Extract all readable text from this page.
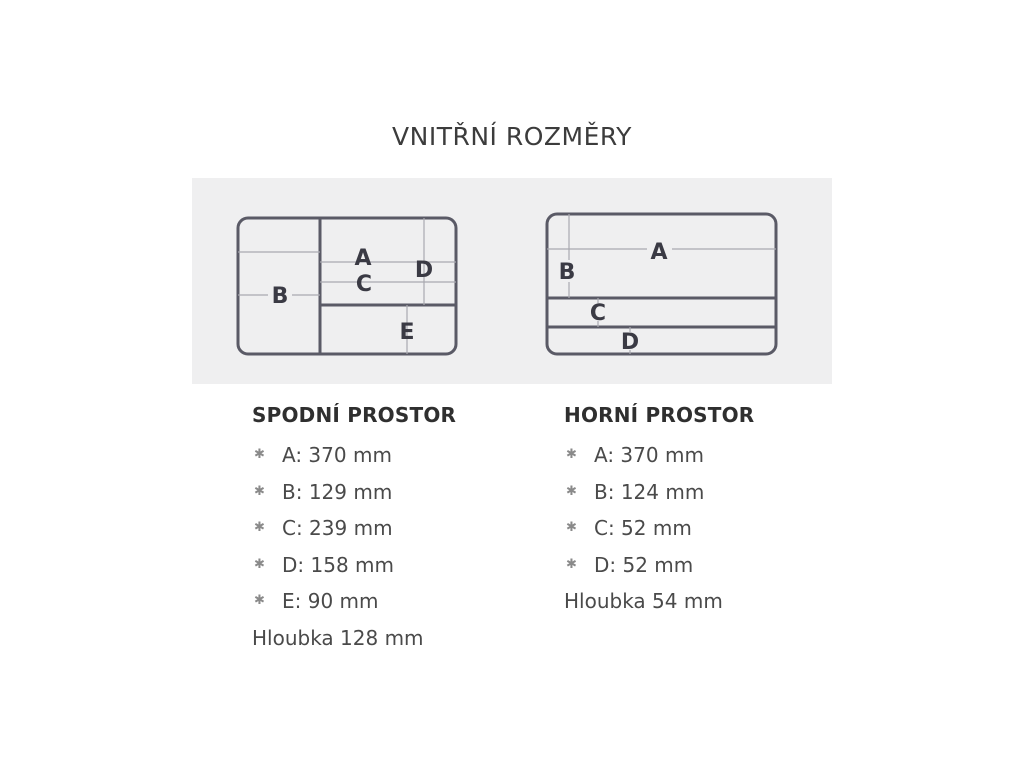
VNITŘNÍ ROZMĚRY
A
C
D
B
E
A
B
C
D
SPODNÍ PROSTOR
✱ A: 370 mm
✱ B: 129 mm
✱ C: 239 mm
✱ D: 158 mm
✱ E: 90 mm
Hloubka 128 mm
HORNÍ PROSTOR
✱ A: 370 mm
✱ B: 124 mm
✱ C: 52 mm
✱ D: 52 mm
Hloubka 54 mm
